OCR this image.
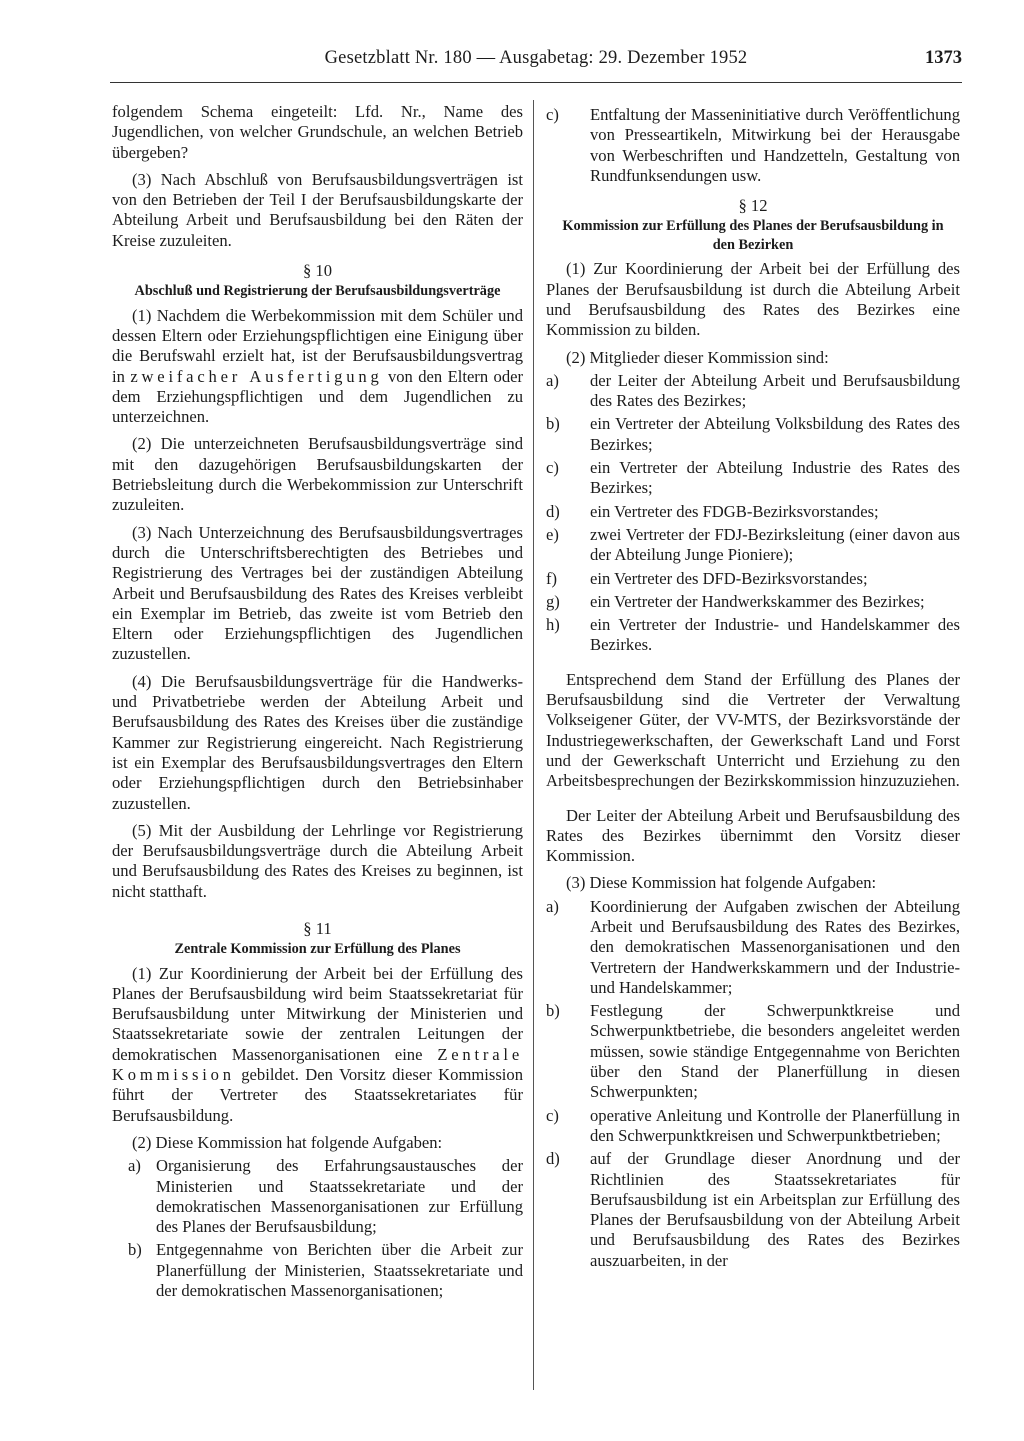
Gesetzblatt Nr. 180 — Ausgabetag: 29. Dezember 1952	1373

folgendem Schema eingeteilt: Lfd. Nr., Name des Jugendlichen, von welcher Grundschule, an welchen Betrieb übergeben?

(3) Nach Abschluß von Berufsausbildungsverträgen ist von den Betrieben der Teil I der Berufsausbildungskarte der Abteilung Arbeit und Berufsausbildung bei den Räten der Kreise zuzuleiten.

§ 10
Abschluß und Registrierung der Berufsausbildungsverträge

(1) Nachdem die Werbekommission mit dem Schüler und dessen Eltern oder Erziehungspflichtigen eine Einigung über die Berufswahl erzielt hat, ist der Berufsausbildungsvertrag in zweifacher Ausfertigung von den Eltern oder dem Erziehungspflichtigen und dem Jugendlichen zu unterzeichnen.

(2) Die unterzeichneten Berufsausbildungsverträge sind mit den dazugehörigen Berufsausbildungskarten der Betriebsleitung durch die Werbekommission zur Unterschrift zuzuleiten.

(3) Nach Unterzeichnung des Berufsausbildungsvertrages durch die Unterschriftsberechtigten des Betriebes und Registrierung des Vertrages bei der zuständigen Abteilung Arbeit und Berufsausbildung des Rates des Kreises verbleibt ein Exemplar im Betrieb, das zweite ist vom Betrieb den Eltern oder Erziehungspflichtigen des Jugendlichen zuzustellen.

(4) Die Berufsausbildungsverträge für die Handwerks- und Privatbetriebe werden der Abteilung Arbeit und Berufsausbildung des Rates des Kreises über die zuständige Kammer zur Registrierung eingereicht. Nach Registrierung ist ein Exemplar des Berufsausbildungsvertrages den Eltern oder Erziehungspflichtigen durch den Betriebsinhaber zuzustellen.

(5) Mit der Ausbildung der Lehrlinge vor Registrierung der Berufsausbildungsverträge durch die Abteilung Arbeit und Berufsausbildung des Rates des Kreises zu beginnen, ist nicht statthaft.

§ 11
Zentrale Kommission zur Erfüllung des Planes

(1) Zur Koordinierung der Arbeit bei der Erfüllung des Planes der Berufsausbildung wird beim Staatssekretariat für Berufsausbildung unter Mitwirkung der Ministerien und Staatssekretariate sowie der zentralen Leitungen der demokratischen Massenorganisationen eine Zentrale Kommission gebildet. Den Vorsitz dieser Kommission führt der Vertreter des Staatssekretariates für Berufsausbildung.

(2) Diese Kommission hat folgende Aufgaben:

a) Organisierung des Erfahrungsaustausches der Ministerien und Staatssekretariate und der demokratischen Massenorganisationen zur Erfüllung des Planes der Berufsausbildung;
b) Entgegennahme von Berichten über die Arbeit zur Planerfüllung der Ministerien, Staatssekretariate und der demokratischen Massenorganisationen;
c) Entfaltung der Masseninitiative durch Veröffentlichung von Presseartikeln, Mitwirkung bei der Herausgabe von Werbeschriften und Handzetteln, Gestaltung von Rundfunksendungen usw.
§ 12
Kommission zur Erfüllung des Planes der Berufsausbildung in den Bezirken

(1) Zur Koordinierung der Arbeit bei der Erfüllung des Planes der Berufsausbildung ist durch die Abteilung Arbeit und Berufsausbildung des Rates des Bezirkes eine Kommission zu bilden.

(2) Mitglieder dieser Kommission sind:

a) der Leiter der Abteilung Arbeit und Berufsausbildung des Rates des Bezirkes;
b) ein Vertreter der Abteilung Volksbildung des Rates des Bezirkes;
c) ein Vertreter der Abteilung Industrie des Rates des Bezirkes;
d) ein Vertreter des FDGB-Bezirksvorstandes;
e) zwei Vertreter der FDJ-Bezirksleitung (einer davon aus der Abteilung Junge Pioniere);
f) ein Vertreter des DFD-Bezirksvorstandes;
g) ein Vertreter der Handwerkskammer des Bezirkes;
h) ein Vertreter der Industrie- und Handelskammer des Bezirkes.

Entsprechend dem Stand der Erfüllung des Planes der Berufsausbildung sind die Vertreter der Verwaltung Volkseigener Güter, der VV-MTS, der Bezirksvorstände der Industriegewerkschaften, der Gewerkschaft Land und Forst und der Gewerkschaft Unterricht und Erziehung zu den Arbeitsbesprechungen der Bezirkskommission hinzuzuziehen.

Der Leiter der Abteilung Arbeit und Berufsausbildung des Rates des Bezirkes übernimmt den Vorsitz dieser Kommission.

(3) Diese Kommission hat folgende Aufgaben:

a) Koordinierung der Aufgaben zwischen der Abteilung Arbeit und Berufsausbildung des Rates des Bezirkes, den demokratischen Massenorganisationen und den Vertretern der Handwerkskammern und der Industrie- und Handelskammer;
b) Festlegung der Schwerpunktkreise und Schwerpunktbetriebe, die besonders angeleitet werden müssen, sowie ständige Entgegennahme von Berichten über den Stand der Planerfüllung in diesen Schwerpunkten;
c) operative Anleitung und Kontrolle der Planerfüllung in den Schwerpunktkreisen und Schwerpunktbetrieben;
d) auf der Grundlage dieser Anordnung und der Richtlinien des Staatssekretariates für Berufsausbildung ist ein Arbeitsplan zur Erfüllung des Planes der Berufsausbildung von der Abteilung Arbeit und Berufsausbildung des Rates des Bezirkes auszuarbeiten, in der
